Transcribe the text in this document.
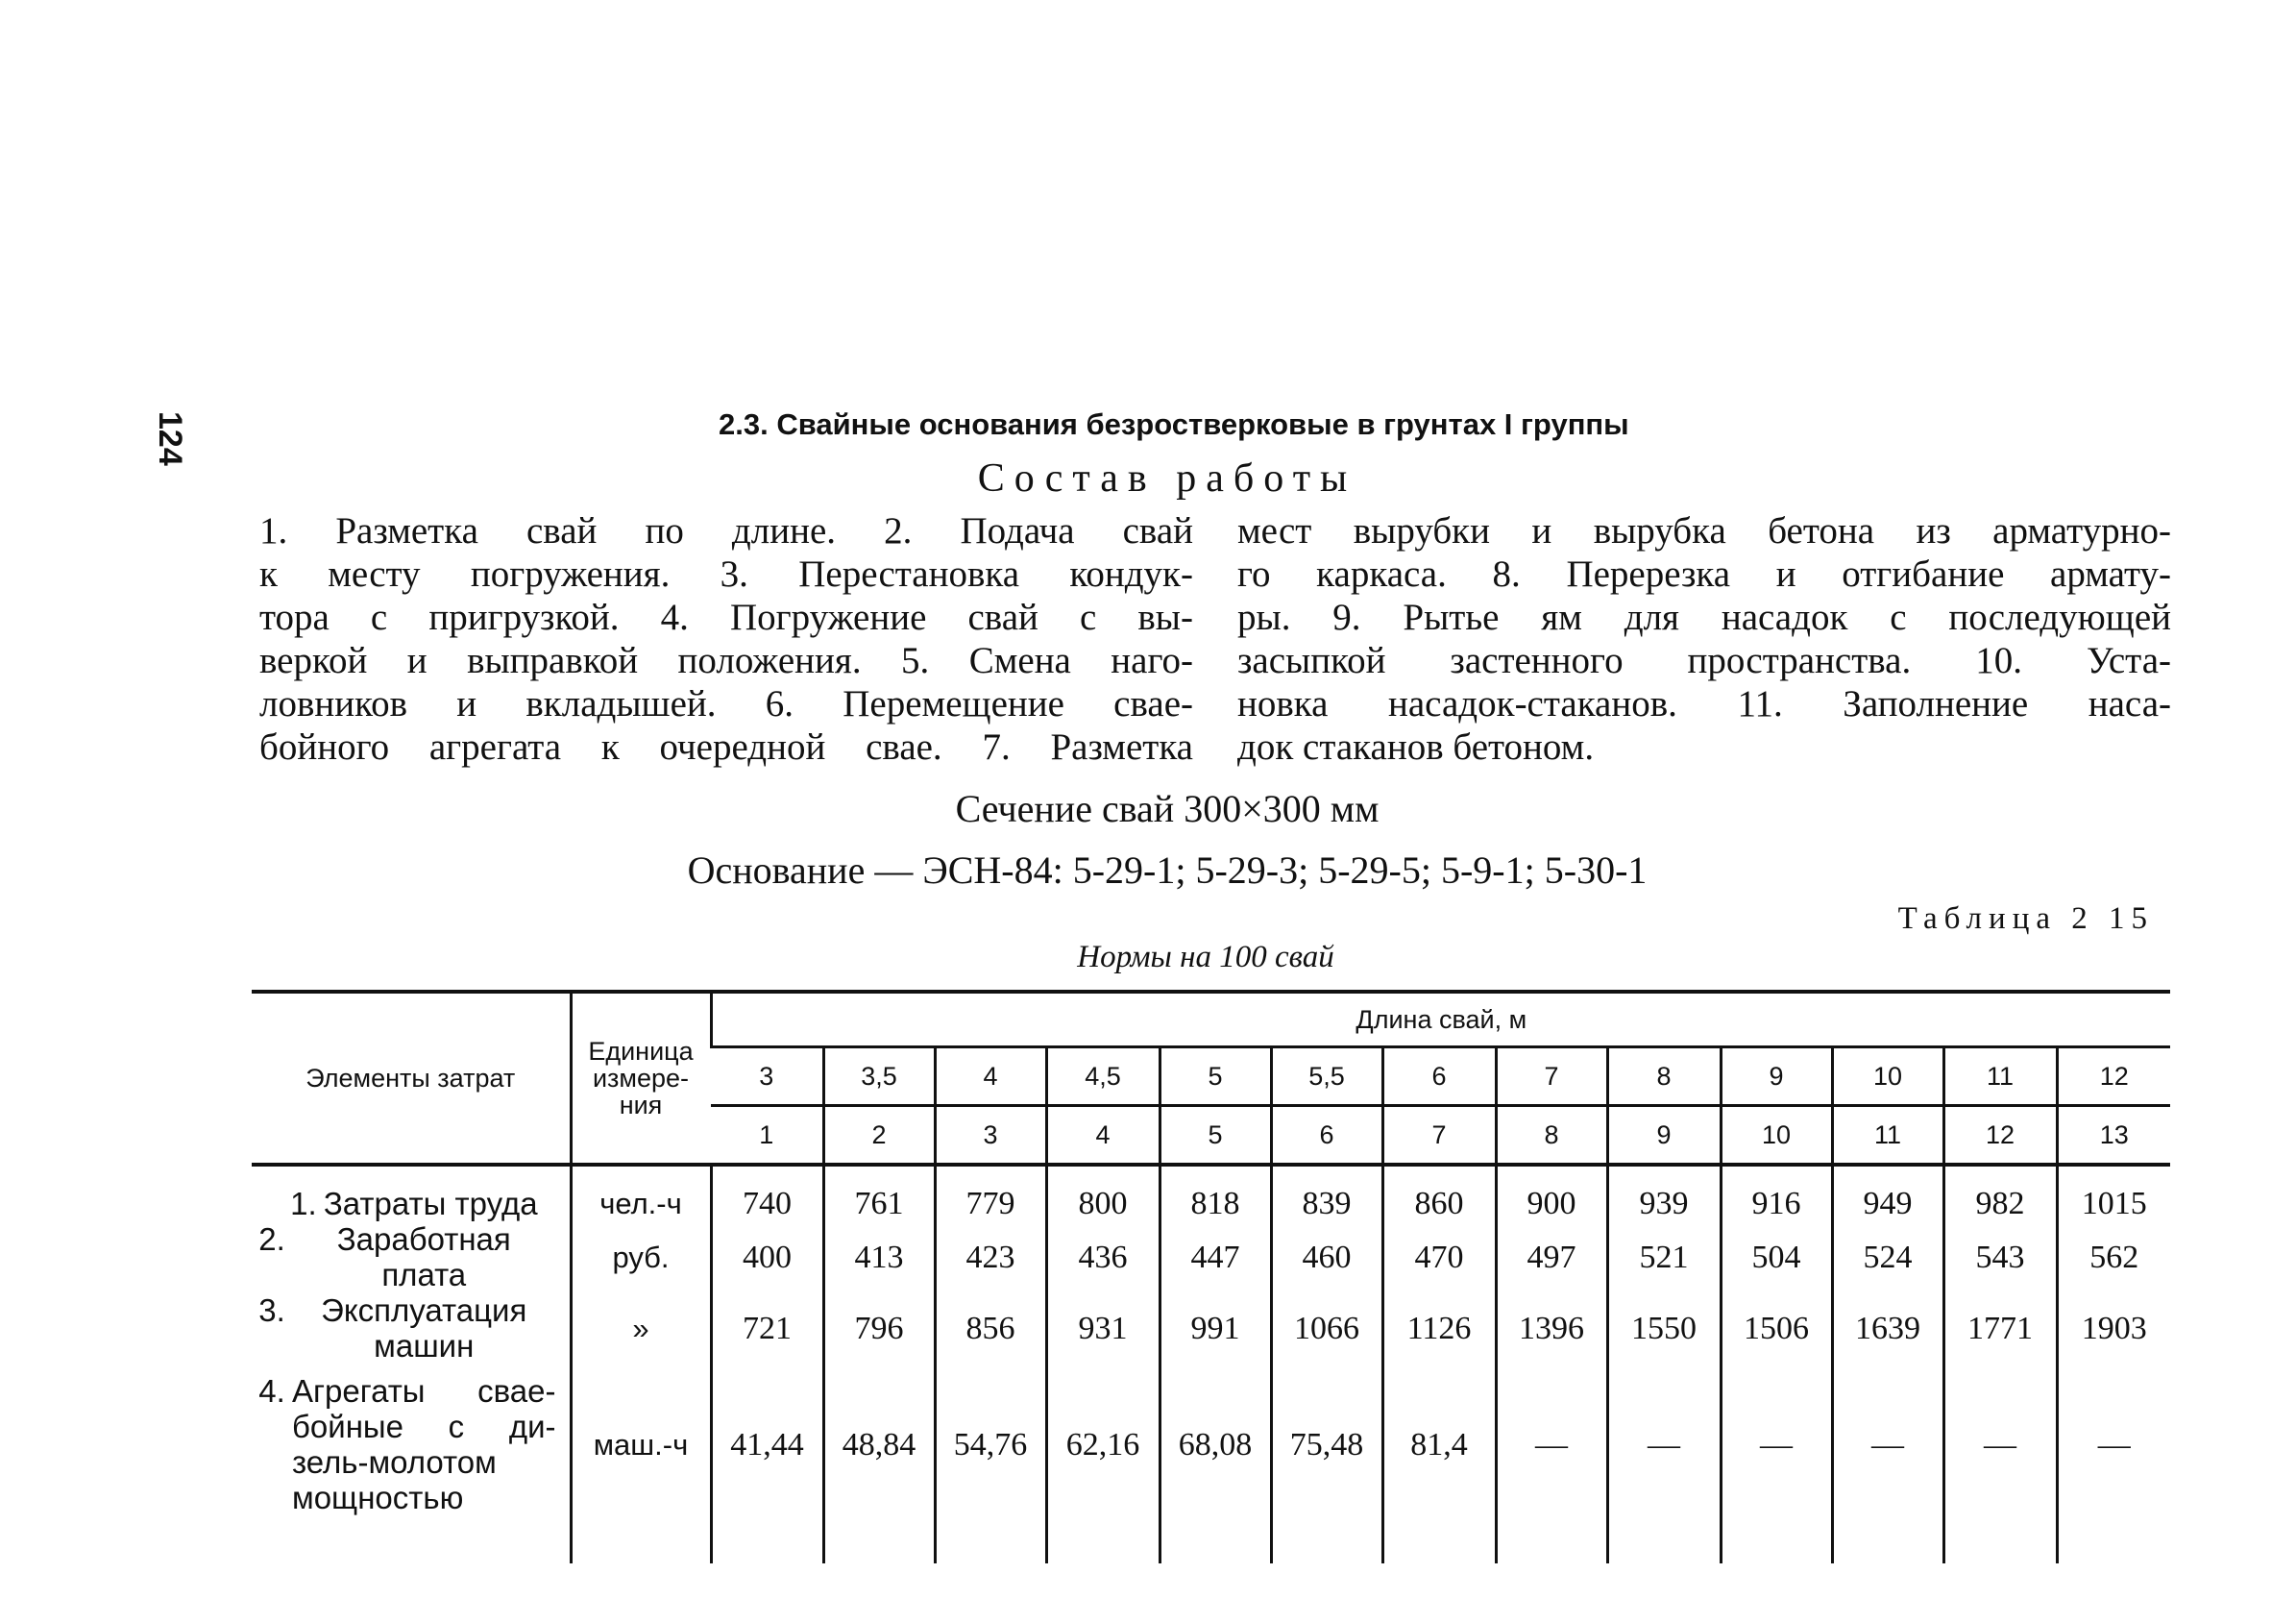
124	2.3. Свайные основания безростверковые в грунтах I группы
Состав работы
1. Разметка свай по длине. 2. Подача свай
к месту погружения. 3. Перестановка кондук-
тора с пригрузкой. 4. Погружение свай с вы-
веркой и выправкой положения. 5. Смена наго-
ловников и вкладышей. 6. Перемещение свае-
бойного агрегата к очередной свае. 7. Разметка
мест вырубки и вырубка бетона из арматурно-
го каркаса. 8. Перерезка и отгибание армату-
ры. 9. Рытье ям для насадок с последующей
засыпкой застенного пространства. 10. Уста-
новка насадок-стаканов. 11. Заполнение наса-
док стаканов бетоном.
Сечение свай 300×300 мм
Основание — ЭСН-84: 5-29-1; 5-29-3; 5-29-5; 5-9-1; 5-30-1
Таблица 2 15
Нормы на 100 свай
Элементы затрат	Единица измере- ния	Длина свай, м												
		3	3,5	4	4,5	5	5,5	6	7	8	9	10	11	12
		1	2	3	4	5	6	7	8	9	10	11	12	13

1. Затраты труда	чел.-ч	740	761	779	800	818	839	860	900	939	916	949	982	1015

2. Заработная плата	руб.	400	413	423	436	447	460	470	497	521	504	524	543	562

3. Эксплуатация машин	»	721	796	856	931	991	1066	1126	1396	1550	1506	1639	1771	1903

4. Агрегаты свае- бойные с ди- зель-молотом мощностью	маш.-ч	41,44	48,84	54,76	62,16	68,08	75,48	81,4	—	—	—	—	—	—
